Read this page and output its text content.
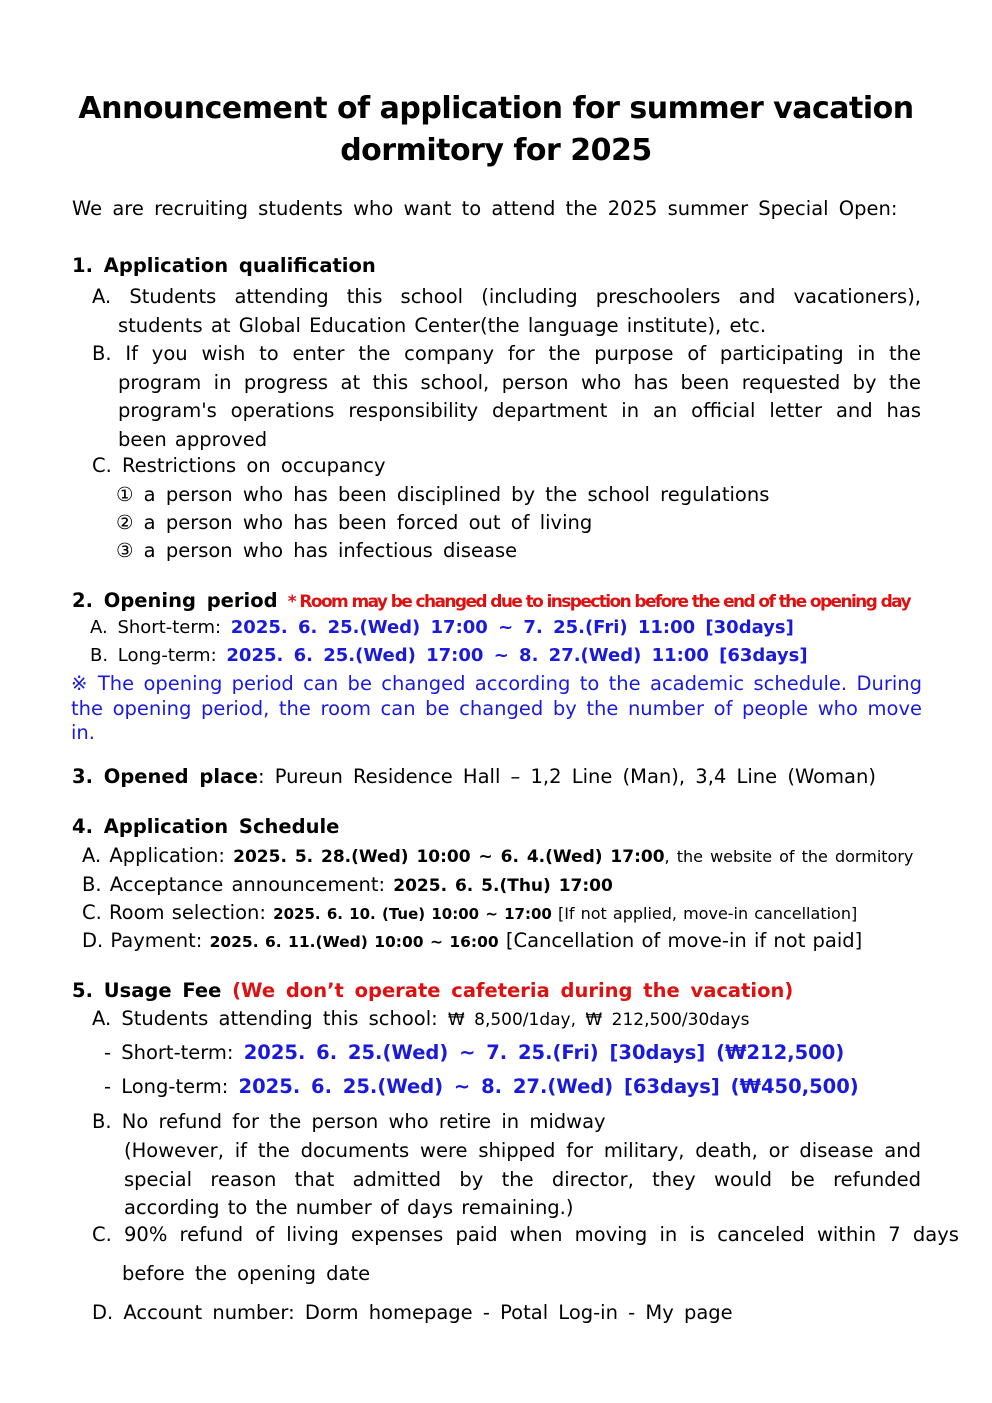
Announcement of application for summer vacation
dormitory for 2025
We are recruiting students who want to attend the 2025 summer Special Open:
1. Application qualification
A. Students attending this school (including preschoolers and vacationers), students at Global Education Center(the language institute), etc.
B. If you wish to enter the company for the purpose of participating in the program in progress at this school, person who has been requested by the program's operations responsibility department in an official letter and has been approved
C. Restrictions on occupancy
① a person who has been disciplined by the school regulations
② a person who has been forced out of living
③ a person who has infectious disease
2. Opening period * Room may be changed due to inspection before the end of the opening day
A. Short-term: 2025. 6. 25.(Wed) 17:00 ~ 7. 25.(Fri) 11:00 [30days]
B. Long-term: 2025. 6. 25.(Wed) 17:00 ~ 8. 27.(Wed) 11:00 [63days]
※ The opening period can be changed according to the academic schedule. During the opening period, the room can be changed by the number of people who move in.
3. Opened place: Pureun Residence Hall – 1,2 Line (Man), 3,4 Line (Woman)
4. Application Schedule
A. Application: 2025. 5. 28.(Wed) 10:00 ~ 6. 4.(Wed) 17:00, the website of the dormitory
B. Acceptance announcement: 2025. 6. 5.(Thu) 17:00
C. Room selection: 2025. 6. 10. (Tue) 10:00 ~ 17:00 [If not applied, move-in cancellation]
D. Payment: 2025. 6. 11.(Wed) 10:00 ~ 16:00 [Cancellation of move-in if not paid]
5. Usage Fee (We don’t operate cafeteria during the vacation)
A. Students attending this school: ₩ 8,500/1day, ₩ 212,500/30days
- Short-term: 2025. 6. 25.(Wed) ~ 7. 25.(Fri) [30days] (₩212,500)
- Long-term: 2025. 6. 25.(Wed) ~ 8. 27.(Wed) [63days] (₩450,500)
B. No refund for the person who retire in midway
(However, if the documents were shipped for military, death, or disease and special reason that admitted by the director, they would be refunded according to the number of days remaining.)
C. 90% refund of living expenses paid when moving in is canceled within 7 days
before the opening date
D. Account number: Dorm homepage - Potal Log-in - My page
